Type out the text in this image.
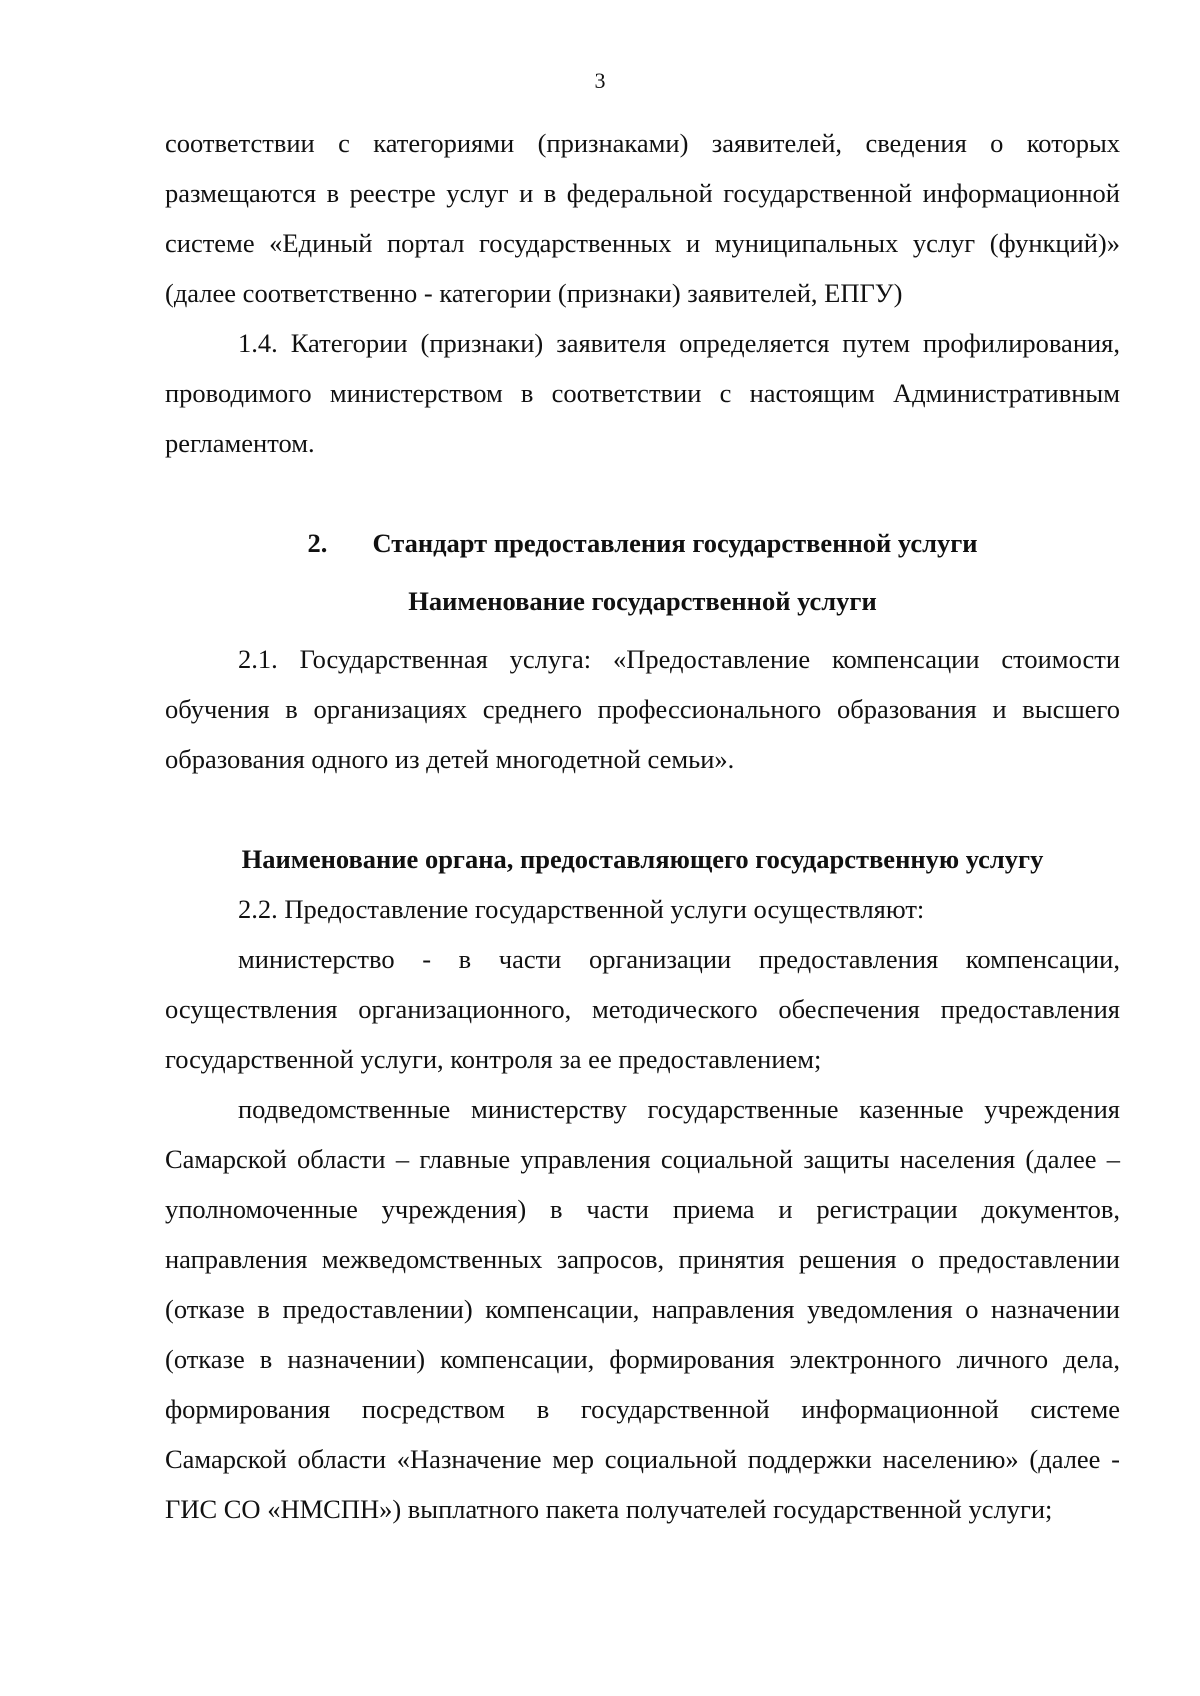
3

соответствии с категориями (признаками) заявителей, сведения о которых размещаются в реестре услуг и в федеральной государственной информационной системе «Единый портал государственных и муниципальных услуг (функций)» (далее соответственно - категории (признаки) заявителей, ЕПГУ)

1.4. Категории (признаки) заявителя определяется путем профилирования, проводимого министерством в соответствии с настоящим Административным регламентом.

2. Стандарт предоставления государственной услуги
Наименование государственной услуги

2.1. Государственная услуга: «Предоставление компенсации стоимости обучения в организациях среднего профессионального образования и высшего образования одного из детей многодетной семьи».

Наименование органа, предоставляющего государственную услугу

2.2. Предоставление государственной услуги осуществляют:

министерство - в части организации предоставления компенсации, осуществления организационного, методического обеспечения предоставления государственной услуги, контроля за ее предоставлением;

подведомственные министерству государственные казенные учреждения Самарской области – главные управления социальной защиты населения (далее – уполномоченные учреждения) в части приема и регистрации документов, направления межведомственных запросов, принятия решения о предоставлении (отказе в предоставлении) компенсации, направления уведомления о назначении (отказе в назначении) компенсации, формирования электронного личного дела, формирования посредством в государственной информационной системе Самарской области «Назначение мер социальной поддержки населению» (далее - ГИС СО «НМСПН») выплатного пакета получателей государственной услуги;
